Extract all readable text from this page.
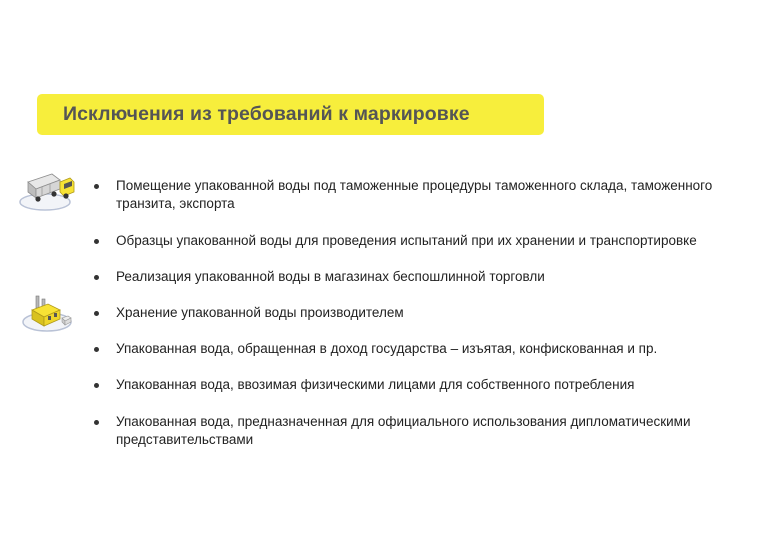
Исключения из требований к маркировке
Помещение упакованной воды под таможенные процедуры таможенного склада, таможенного транзита, экспорта
Образцы упакованной воды для проведения испытаний при их хранении и транспортировке
Реализация упакованной воды в магазинах беспошлинной торговли
Хранение упакованной воды производителем
Упакованная вода, обращенная в доход государства – изъятая, конфискованная и пр.
Упакованная вода, ввозимая физическими лицами для собственного потребления
Упакованная вода, предназначенная для официального использования дипломатическими представительствами
